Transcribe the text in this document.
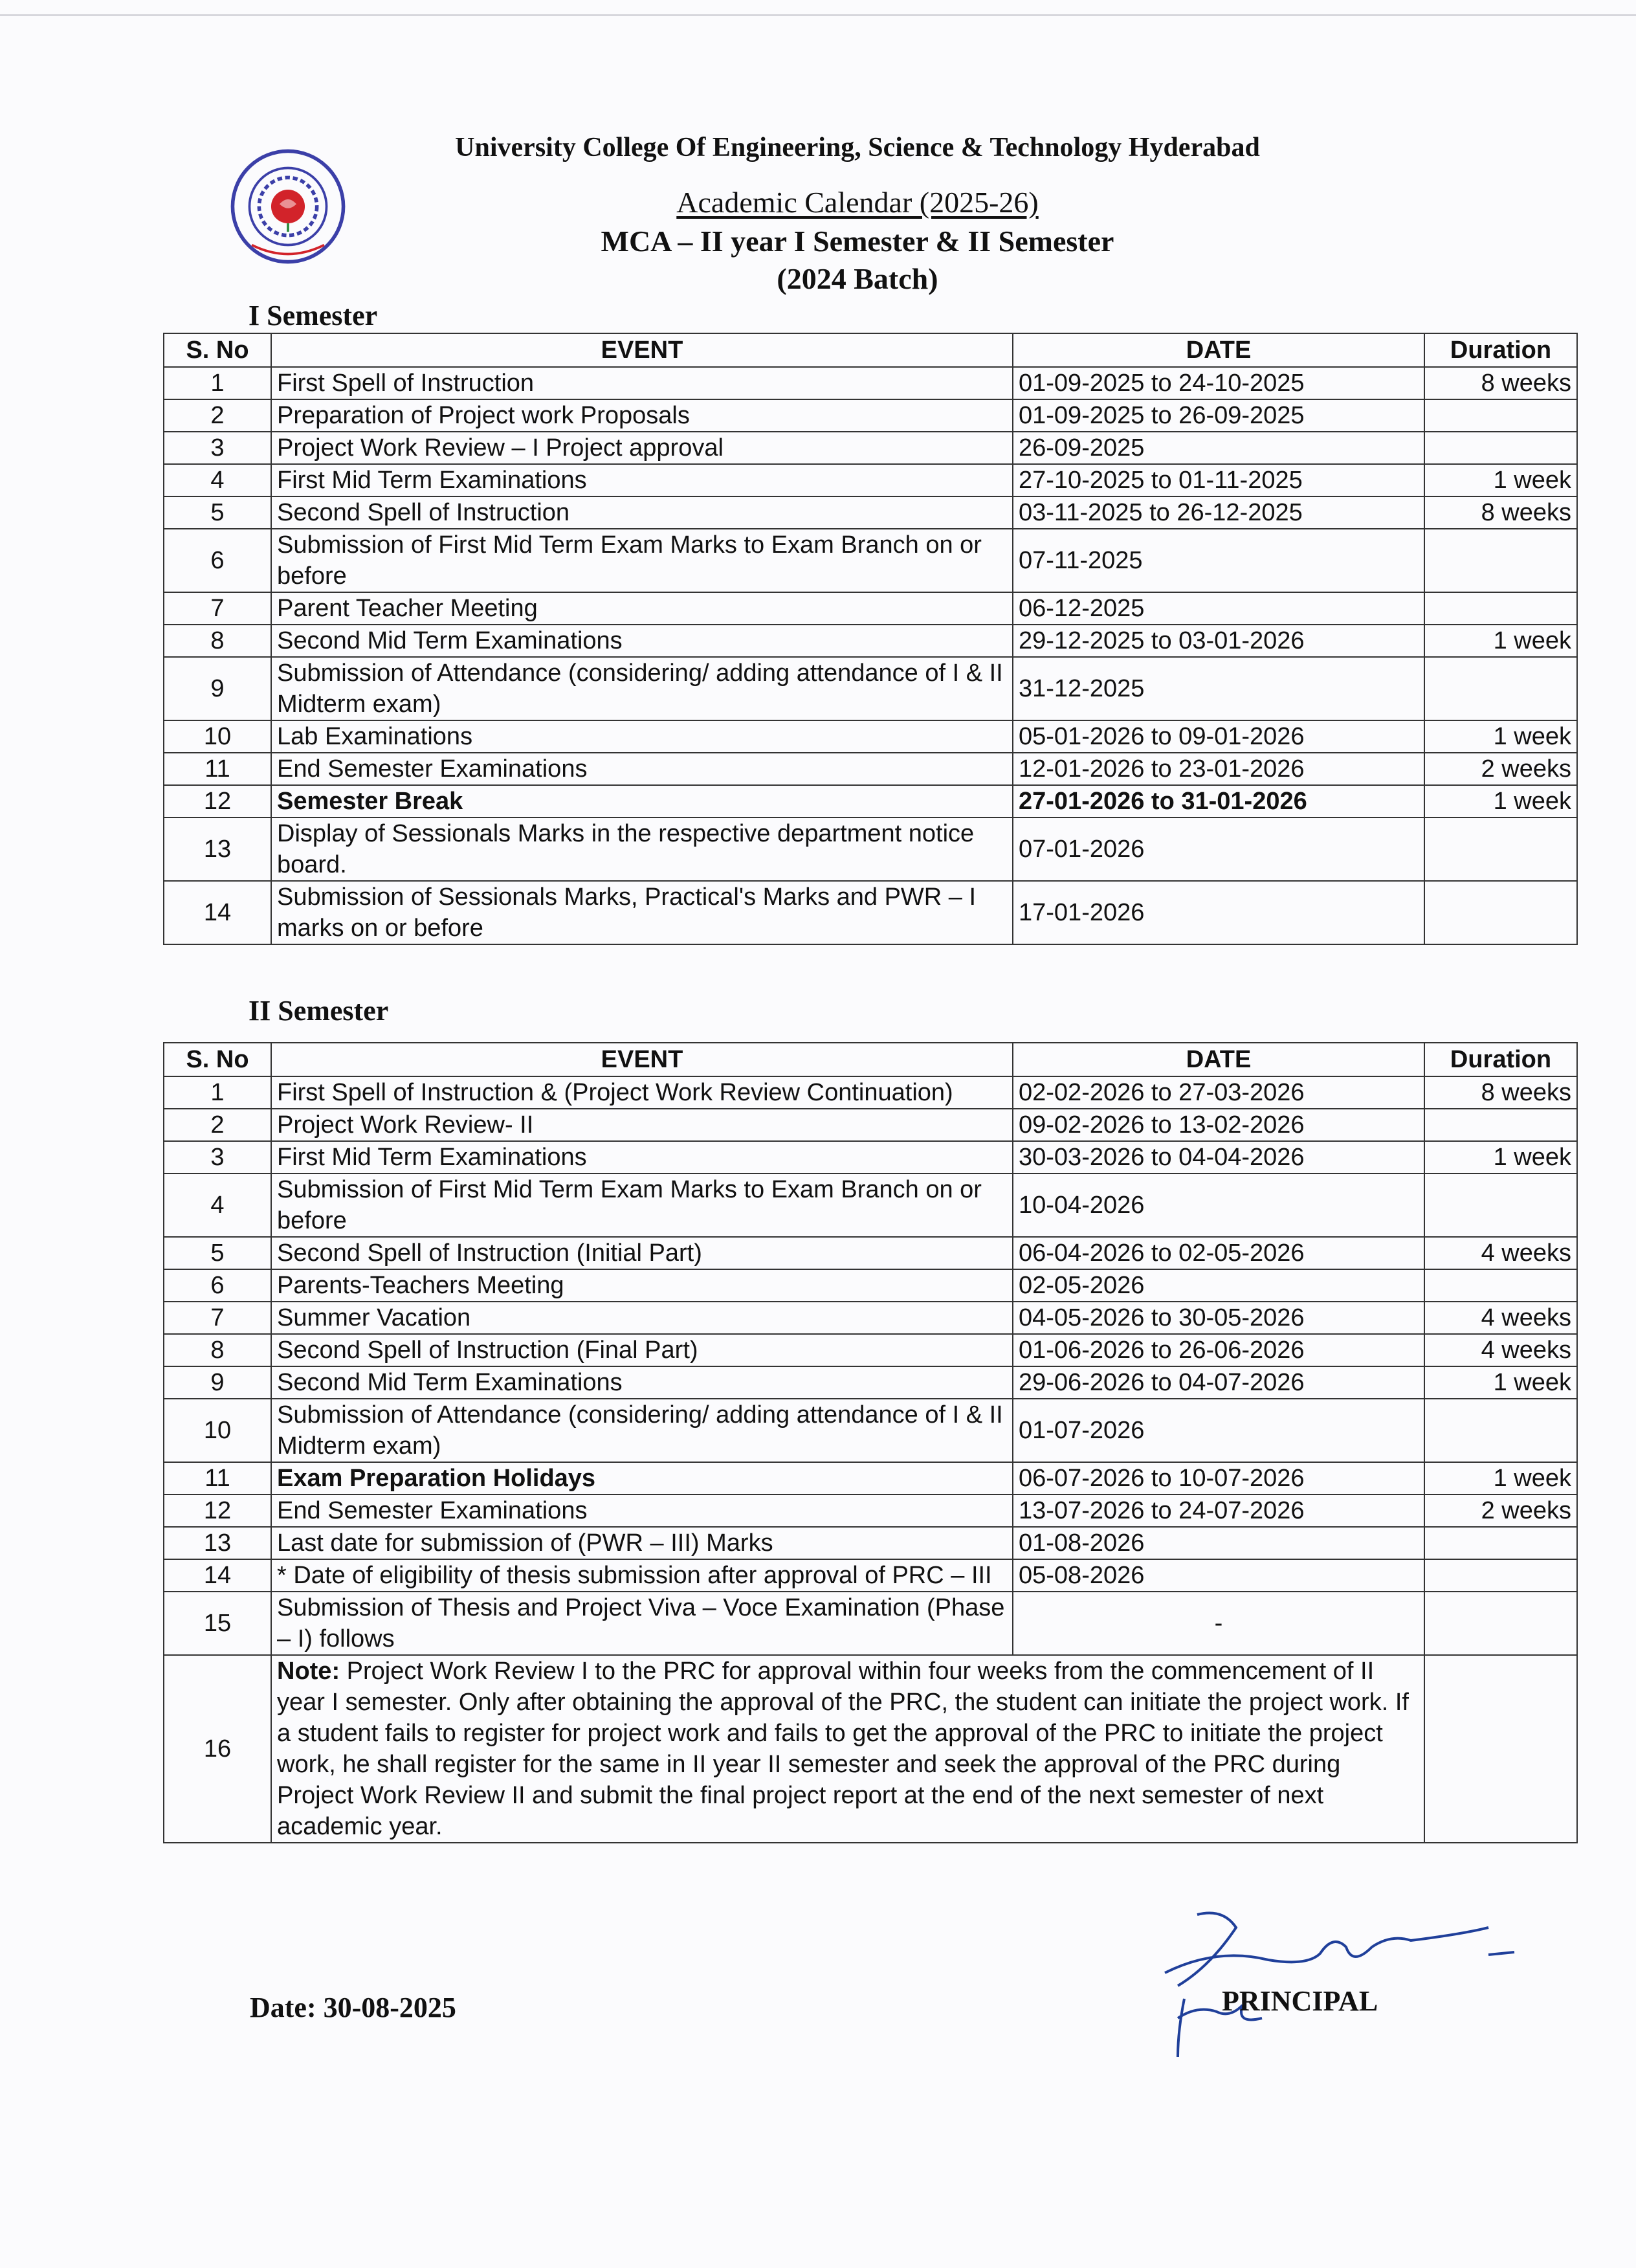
University College Of Engineering, Science & Technology Hyderabad
Academic Calendar (2025-26)
MCA – II year I Semester & II Semester
(2024 Batch)
I Semester
S. No	EVENT	DATE	Duration
1	First Spell of Instruction	01-09-2025 to 24-10-2025	8 weeks
2	Preparation of Project work Proposals	01-09-2025 to 26-09-2025	
3	Project Work Review – I Project approval	26-09-2025	
4	First Mid Term Examinations	27-10-2025 to 01-11-2025	1 week
5	Second Spell of Instruction	03-11-2025 to 26-12-2025	8 weeks
6	Submission of First Mid Term Exam Marks to Exam Branch on or before	07-11-2025	
7	Parent Teacher Meeting	06-12-2025	
8	Second Mid Term Examinations	29-12-2025 to 03-01-2026	1 week
9	Submission of Attendance (considering/ adding attendance of I & II Midterm exam)	31-12-2025	
10	Lab Examinations	05-01-2026 to 09-01-2026	1 week
11	End Semester Examinations	12-01-2026 to 23-01-2026	2 weeks
12	Semester Break	27-01-2026 to 31-01-2026	1 week
13	Display of Sessionals Marks in the respective department notice board.	07-01-2026	
14	Submission of Sessionals Marks, Practical's Marks and PWR – I marks on or before	17-01-2026	
II Semester
S. No	EVENT	DATE	Duration
1	First Spell of Instruction & (Project Work Review Continuation)	02-02-2026 to 27-03-2026	8 weeks
2	Project Work Review- II	09-02-2026 to 13-02-2026	
3	First Mid Term Examinations	30-03-2026 to 04-04-2026	1 week
4	Submission of First Mid Term Exam Marks to Exam Branch on or before	10-04-2026	
5	Second Spell of Instruction (Initial Part)	06-04-2026 to 02-05-2026	4 weeks
6	Parents-Teachers Meeting	02-05-2026	
7	Summer Vacation	04-05-2026 to 30-05-2026	4 weeks
8	Second Spell of Instruction (Final Part)	01-06-2026 to 26-06-2026	4 weeks
9	Second Mid Term Examinations	29-06-2026 to 04-07-2026	1 week
10	Submission of Attendance (considering/ adding attendance of I & II Midterm exam)	01-07-2026	
11	Exam Preparation Holidays	06-07-2026 to 10-07-2026	1 week
12	End Semester Examinations	13-07-2026 to 24-07-2026	2 weeks
13	Last date for submission of (PWR – III) Marks	01-08-2026	
14	* Date of eligibility of thesis submission after approval of PRC – III	05-08-2026	
15	Submission of Thesis and Project Viva – Voce Examination (Phase – I) follows	-	
16	Note: Project Work Review I to the PRC for approval within four weeks from the commencement of II year I semester. Only after obtaining the approval of the PRC, the student can initiate the project work. If a student fails to register for project work and fails to get the approval of the PRC to initiate the project work, he shall register for the same in II year II semester and seek the approval of the PRC during Project Work Review II and submit the final project report at the end of the next semester of next academic year.		
Date: 30-08-2025	PRINCIPAL
